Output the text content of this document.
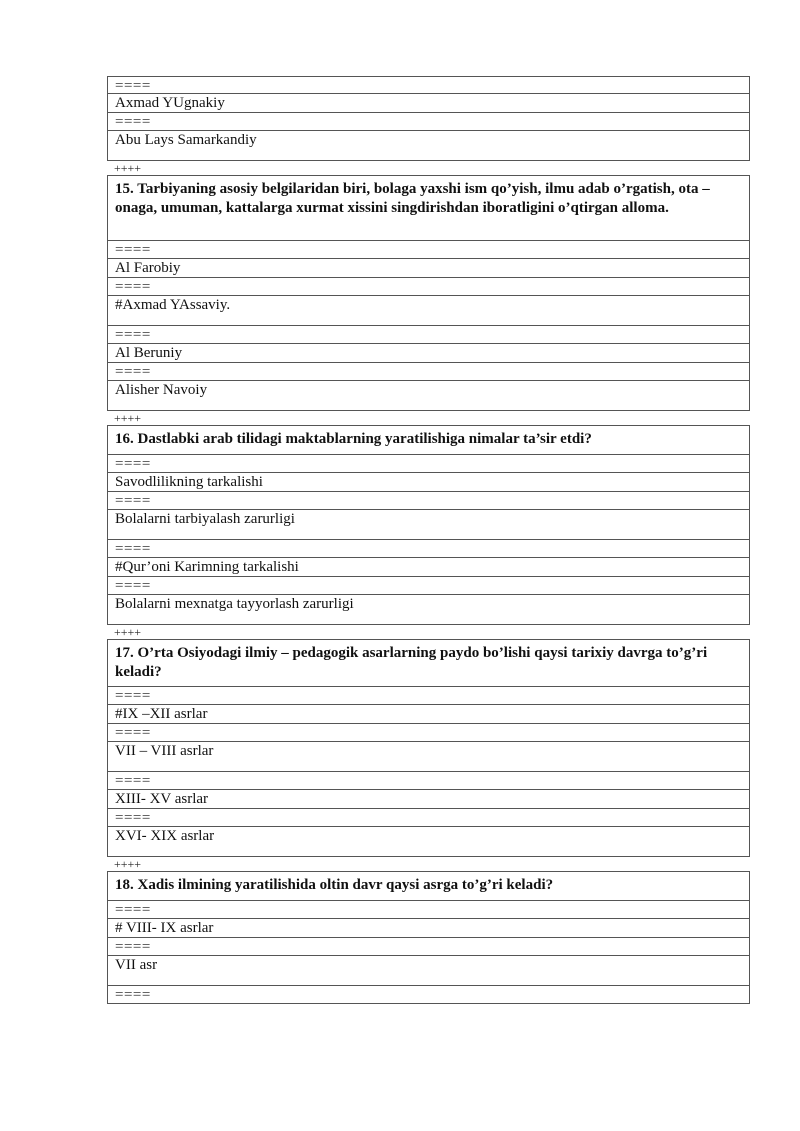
====
Axmad YUgnakiy
====
Abu Lays Samarkandiy
++++
15. Tarbiyaning asosiy belgilaridan biri, bolaga yaxshi ism qo’yish, ilmu adab o’rgatish, ota –onaga, umuman, kattalarga xurmat xissini singdirishdan iboratligini o’qtirgan alloma.
====
Al Farobiy
====
#Axmad YAssaviy.
====
Al Beruniy
====
Alisher Navoiy
++++
16. Dastlabki arab tilidagi maktablarning yaratilishiga nimalar ta’sir etdi?
====
Savodlilikning tarkalishi
====
Bolalarni tarbiyalash zarurligi
====
#Qur’oni Karimning tarkalishi
====
Bolalarni mexnatga tayyorlash zarurligi
++++
17. O’rta Osiyodagi ilmiy – pedagogik asarlarning paydo bo’lishi qaysi tarixiy davrga to’g’ri keladi?
====
#IX –XII asrlar
====
VII – VIII asrlar
====
XIII- XV asrlar
====
XVI- XIX asrlar
++++
18. Xadis ilmining yaratilishida oltin davr qaysi asrga to’g’ri keladi?
====
# VIII- IX asrlar
====
VII asr
====
